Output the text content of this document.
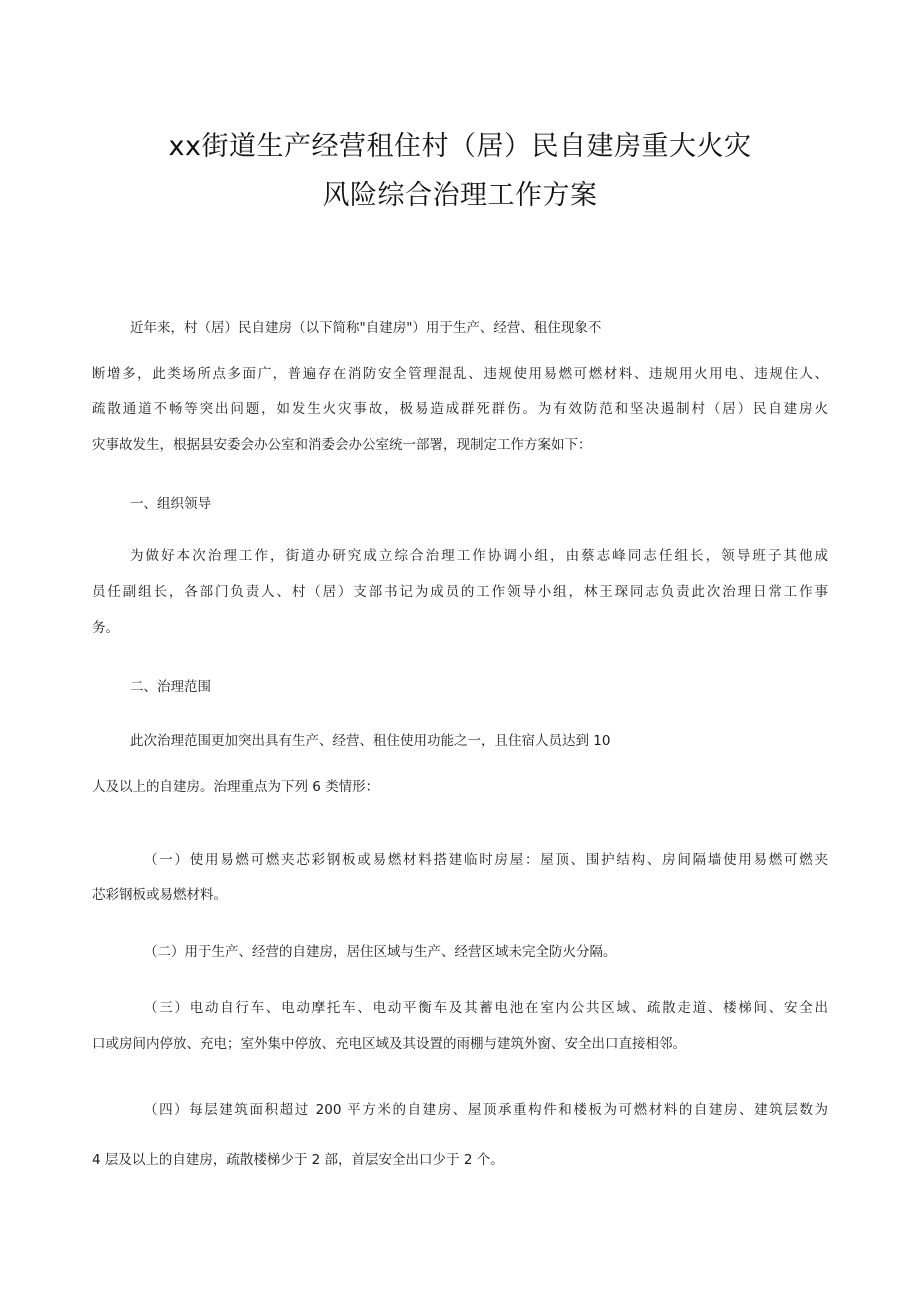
xx街道生产经营租住村（居）民自建房重大火灾
风险综合治理工作方案
近年来，村（居）民自建房（以下简称"自建房"）用于生产、经营、租住现象不
断增多，此类场所点多面广，普遍存在消防安全管理混乱、违规使用易燃可燃材料、违规用火用电、违规住人、
疏散通道不畅等突出问题，如发生火灾事故，极易造成群死群伤。为有效防范和坚决遏制村（居）民自建房火
灾事故发生，根据县安委会办公室和消委会办公室统一部署，现制定工作方案如下：
一、组织领导
为做好本次治理工作，街道办研究成立综合治理工作协调小组，由蔡志峰同志任组长，领导班子其他成
员任副组长，各部门负责人、村（居）支部书记为成员的工作领导小组，林王琛同志负责此次治理日常工作事
务。
二、治理范围
此次治理范围更加突出具有生产、经营、租住使用功能之一，且住宿人员达到 10
人及以上的自建房。治理重点为下列 6 类情形：
（一）使用易燃可燃夹芯彩钢板或易燃材料搭建临时房屋：屋顶、围护结构、房间隔墙使用易燃可燃夹
芯彩钢板或易燃材料。
（二）用于生产、经营的自建房，居住区域与生产、经营区域未完全防火分隔。
（三）电动自行车、电动摩托车、电动平衡车及其蓄电池在室内公共区域、疏散走道、楼梯间、安全出
口或房间内停放、充电；室外集中停放、充电区域及其设置的雨棚与建筑外窗、安全出口直接相邻。
（四）每层建筑面积超过 200 平方米的自建房、屋顶承重构件和楼板为可燃材料的自建房、建筑层数为
4 层及以上的自建房，疏散楼梯少于 2 部，首层安全出口少于 2 个。
